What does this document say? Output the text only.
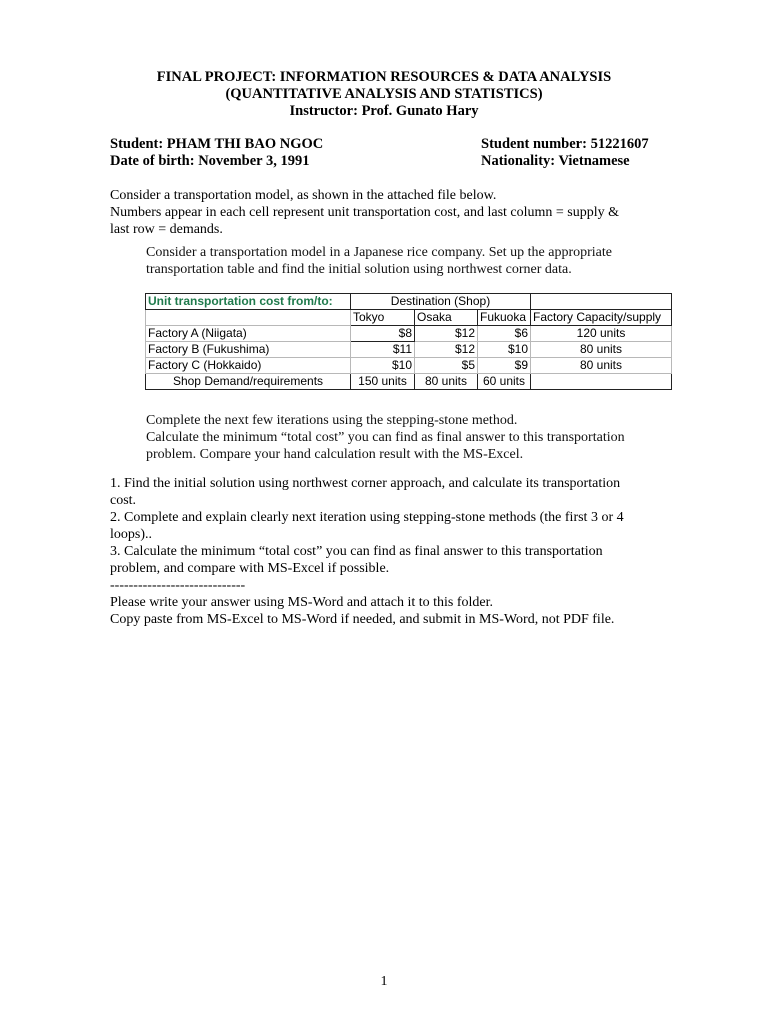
FINAL PROJECT: INFORMATION RESOURCES & DATA ANALYSIS
(QUANTITATIVE ANALYSIS AND STATISTICS)
Instructor: Prof. Gunato Hary
Student: PHAM THI BAO NGOC
Date of birth: November 3, 1991
Student number: 51221607
Nationality: Vietnamese
Consider a transportation model, as shown in the attached file below.
Numbers appear in each cell represent unit transportation cost, and last column = supply &
last row = demands.
Consider a transportation model in a Japanese rice company. Set up the appropriate
transportation table and find the initial solution using northwest corner data.
Unit transportation cost from/to:	Destination (Shop)			
	Tokyo	Osaka	Fukuoka	Factory Capacity/supply
Factory A (Niigata)	$8	$12	$6	120 units
Factory B (Fukushima)	$11	$12	$10	80 units
Factory C (Hokkaido)	$10	$5	$9	80 units
Shop Demand/requirements	150 units	80 units	60 units	
Complete the next few iterations using the stepping-stone method.
Calculate the minimum “total cost” you can find as final answer to this transportation
problem. Compare your hand calculation result with the MS-Excel.
1. Find the initial solution using northwest corner approach, and calculate its transportation
cost.
2. Complete and explain clearly next iteration using stepping-stone methods (the first 3 or 4
loops)..
3. Calculate the minimum “total cost” you can find as final answer to this transportation
problem, and compare with MS-Excel if possible.
-----------------------------
Please write your answer using MS-Word and attach it to this folder.
Copy paste from MS-Excel to MS-Word if needed, and submit in MS-Word, not PDF file.
1
